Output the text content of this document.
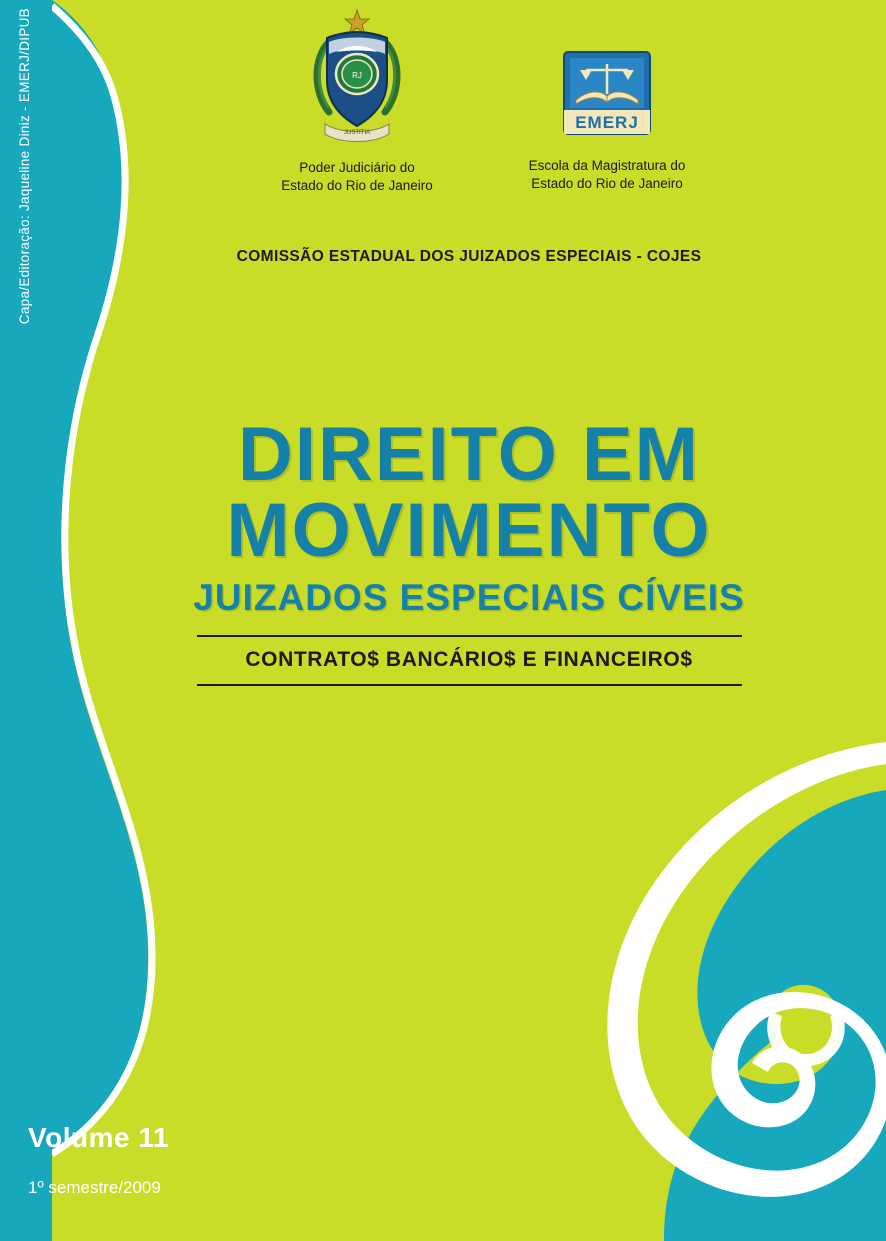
Capa/Editoração: Jaqueline Diniz - EMERJ/DIPUB	RJ
JUSTITIA
Poder Judiciário do
Estado do Rio de Janeiro
EMERJ
Escola da Magistratura do
Estado do Rio de Janeiro
COMISSÃO ESTADUAL DOS JUIZADOS ESPECIAIS - COJES
DIREITO EM
MOVIMENTO
JUIZADOS ESPECIAIS CÍVEIS
CONTRATO$ BANCÁRIO$ E FINANCEIRO$
Volume 11
1º semestre/2009
